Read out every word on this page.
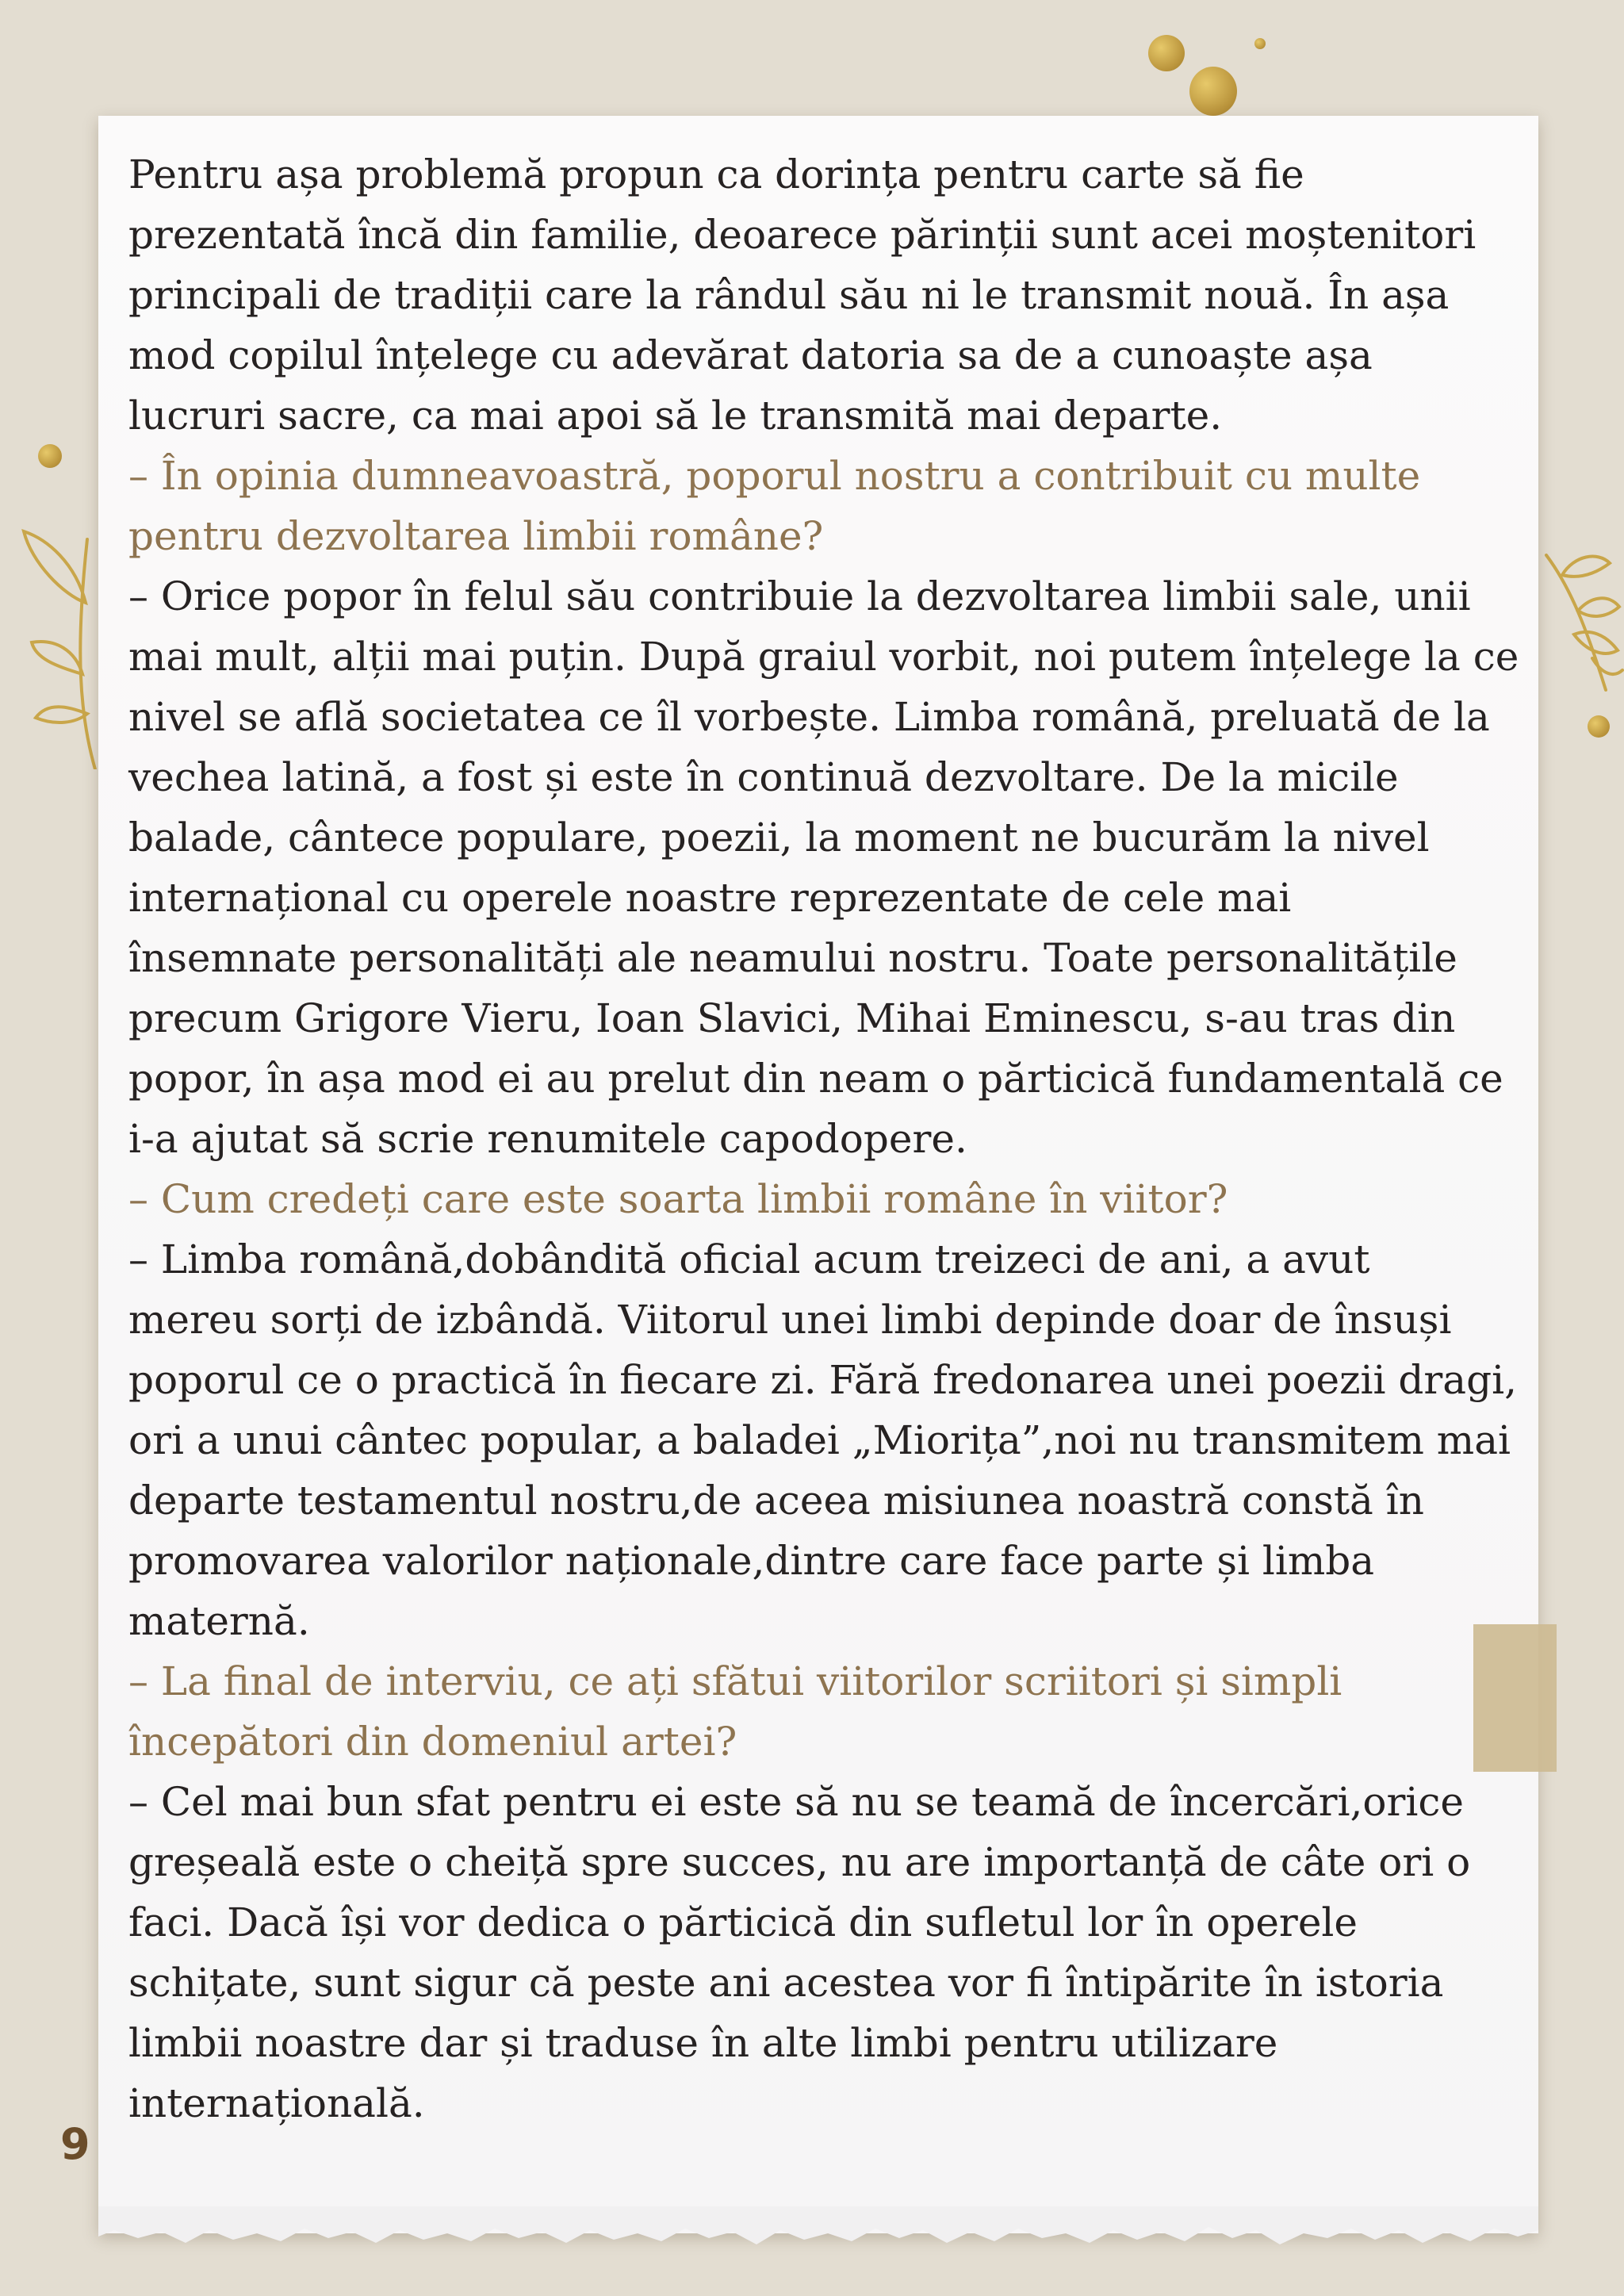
Pentru așa problemă propun ca dorința pentru carte să fie

prezentată încă din familie, deoarece părinții sunt acei moștenitori

principali de tradiții care la rândul său ni le transmit nouă. În așa

mod copilul înțelege cu adevărat datoria sa de a cunoaște așa

lucruri sacre, ca mai apoi să le transmită mai departe.

– În opinia dumneavoastră, poporul nostru a contribuit cu multe

pentru dezvoltarea limbii române?

– Orice popor în felul său contribuie la dezvoltarea limbii sale, unii

mai mult, alții mai puțin. După graiul vorbit, noi putem înțelege la ce

nivel se află societatea ce îl vorbește. Limba română, preluată de la

vechea latină, a fost și este în continuă dezvoltare. De la micile

balade, cântece populare, poezii, la moment ne bucurăm la nivel

internațional cu operele noastre reprezentate de cele mai

însemnate personalități ale neamului nostru. Toate personalitățile

precum Grigore Vieru, Ioan Slavici, Mihai Eminescu, s-au tras din

popor, în așa mod ei au prelut din neam o părticică fundamentală ce

i-a ajutat să scrie renumitele capodopere.

– Cum credeți care este soarta limbii române în viitor?

– Limba română,dobândită oficial acum treizeci de ani, a avut

mereu sorți de izbândă. Viitorul unei limbi depinde doar de însuși

poporul ce o practică în fiecare zi. Fără fredonarea unei poezii dragi,

ori a unui cântec popular, a baladei „Miorița”,noi nu transmitem mai

departe testamentul nostru,de aceea misiunea noastră constă în

promovarea valorilor naționale,dintre care face parte și limba

maternă.

– La final de interviu, ce ați sfătui viitorilor scriitori și simpli

începători din domeniul artei?

– Cel mai bun sfat pentru ei este să nu se teamă de încercări,orice

greșeală este o cheiță spre succes, nu are importanță de câte ori o

faci. Dacă își vor dedica o părticică din sufletul lor în operele

schițate, sunt sigur că peste ani acestea vor fi întipărite în istoria

limbii noastre dar și traduse în alte limbi pentru utilizare

internațională.

9
